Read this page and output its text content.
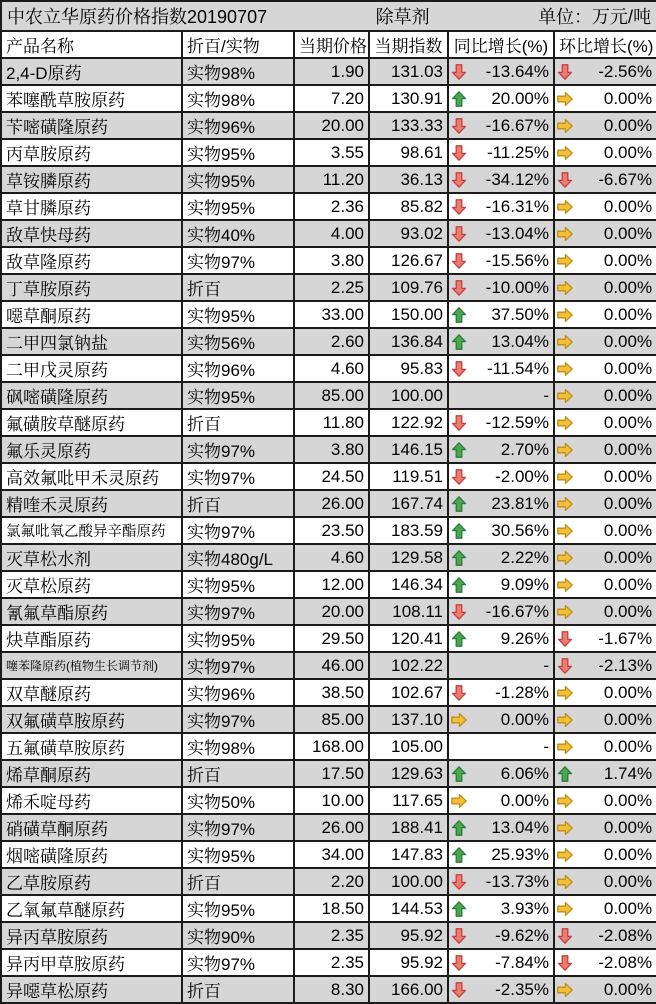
中农立华原药价格指数20190707 除草剂 单位：万元/吨					

产品名称	折百/实物	当期价格	当期指数	同比增长(%)	环比增长(%)
2,4-D原药	实物98%	1.90	131.03	-13.64%	-2.56%

苯噻酰草胺原药	实物98%	7.20	130.91	20.00%	0.00%

苄嘧磺隆原药	实物96%	20.00	133.33	-16.67%	0.00%

丙草胺原药	实物95%	3.55	98.61	-11.25%	0.00%

草铵膦原药	实物95%	11.20	36.13	-34.12%	-6.67%

草甘膦原药	实物95%	2.36	85.82	-16.31%	0.00%

敌草快母药	实物40%	4.00	93.02	-13.04%	0.00%

敌草隆原药	实物97%	3.80	126.67	-15.56%	0.00%

丁草胺原药	折百	2.25	109.76	-10.00%	0.00%

噁草酮原药	实物95%	33.00	150.00	37.50%	0.00%

二甲四氯钠盐	实物56%	2.60	136.84	13.04%	0.00%

二甲戊灵原药	实物96%	4.60	95.83	-11.54%	0.00%

砜嘧磺隆原药	实物95%	85.00	100.00	-	0.00%

氟磺胺草醚原药	折百	11.80	122.92	-12.59%	0.00%

氟乐灵原药	实物97%	3.80	146.15	2.70%	0.00%

高效氟吡甲禾灵原药	实物97%	24.50	119.51	-2.00%	0.00%

精喹禾灵原药	折百	26.00	167.74	23.81%	0.00%

氯氟吡氧乙酸异辛酯原药	实物97%	23.50	183.59	30.56%	0.00%

灭草松水剂	实物480g/L	4.60	129.58	2.22%	0.00%

灭草松原药	实物95%	12.00	146.34	9.09%	0.00%

氰氟草酯原药	实物97%	20.00	108.11	-16.67%	0.00%

炔草酯原药	实物95%	29.50	120.41	9.26%	-1.67%

噻苯隆原药(植物生长调节剂)	实物97%	46.00	102.22	-	-2.13%

双草醚原药	实物96%	38.50	102.67	-1.28%	0.00%

双氟磺草胺原药	实物97%	85.00	137.10	0.00%	0.00%

五氟磺草胺原药	实物98%	168.00	105.00	-	0.00%

烯草酮原药	折百	17.50	129.63	6.06%	1.74%

烯禾啶母药	实物50%	10.00	117.65	0.00%	0.00%

硝磺草酮原药	实物97%	26.00	188.41	13.04%	0.00%

烟嘧磺隆原药	实物95%	34.00	147.83	25.93%	0.00%

乙草胺原药	折百	2.20	100.00	-13.73%	0.00%

乙氧氟草醚原药	实物95%	18.50	144.53	3.93%	0.00%

异丙草胺原药	实物90%	2.35	95.92	-9.62%	-2.08%

异丙甲草胺原药	实物97%	2.35	95.92	-7.84%	-2.08%

异噁草松原药	折百	8.30	166.00	-2.35%	0.00%
